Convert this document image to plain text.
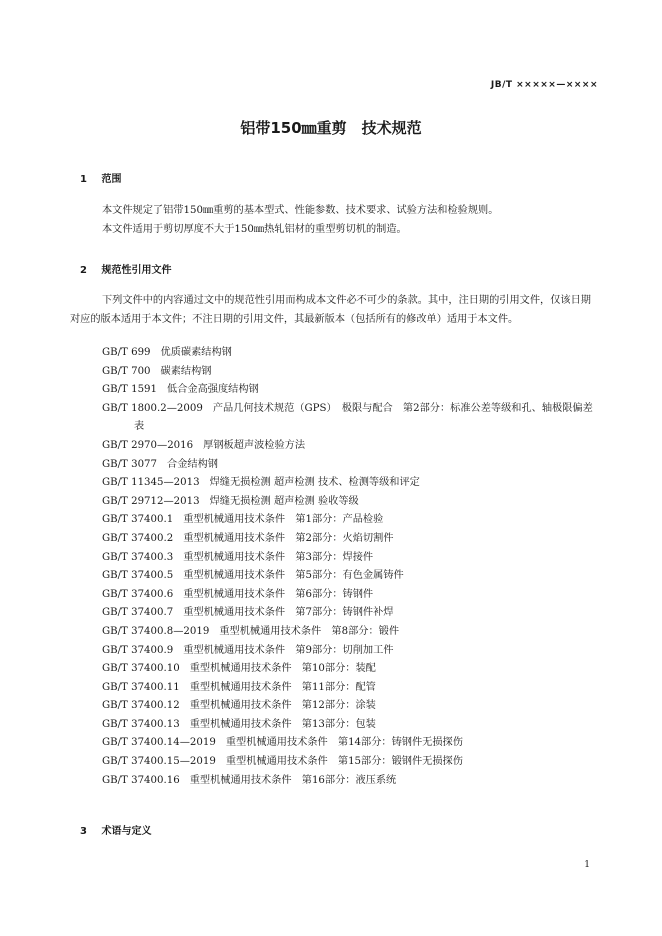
JB/T ×××××—××××
铝带150㎜重剪　技术规范
1 范围

本文件规定了铝带150㎜重剪的基本型式、性能参数、技术要求、试验方法和检验规则。

本文件适用于剪切厚度不大于150㎜热轧铝材的重型剪切机的制造。

2 规范性引用文件

下列文件中的内容通过文中的规范性引用而构成本文件必不可少的条款。其中，注日期的引用文件，仅该日期对应的版本适用于本文件；不注日期的引用文件，其最新版本（包括所有的修改单）适用于本文件。

GB/T 699 优质碳素结构钢
GB/T 700 碳素结构钢
GB/T 1591 低合金高强度结构钢
GB/T 1800.2—2009 产品几何技术规范（GPS）　极限与配合　第2部分：标准公差等级和孔、轴极限偏差表
GB/T 2970—2016 厚钢板超声波检验方法
GB/T 3077 合金结构钢
GB/T 11345—2013 焊缝无损检测 超声检测 技术、检测等级和评定
GB/T 29712—2013 焊缝无损检测 超声检测 验收等级
GB/T 37400.1 重型机械通用技术条件　第1部分：产品检验
GB/T 37400.2 重型机械通用技术条件　第2部分：火焰切割件
GB/T 37400.3 重型机械通用技术条件　第3部分：焊接件
GB/T 37400.5 重型机械通用技术条件　第5部分：有色金属铸件
GB/T 37400.6 重型机械通用技术条件　第6部分：铸钢件
GB/T 37400.7 重型机械通用技术条件　第7部分：铸钢件补焊
GB/T 37400.8—2019 重型机械通用技术条件　第8部分：锻件
GB/T 37400.9 重型机械通用技术条件　第9部分：切削加工件
GB/T 37400.10 重型机械通用技术条件　第10部分：装配
GB/T 37400.11 重型机械通用技术条件　第11部分：配管
GB/T 37400.12 重型机械通用技术条件　第12部分：涂装
GB/T 37400.13 重型机械通用技术条件　第13部分：包装
GB/T 37400.14—2019 重型机械通用技术条件　第14部分：铸钢件无损探伤
GB/T 37400.15—2019 重型机械通用技术条件　第15部分：锻钢件无损探伤
GB/T 37400.16 重型机械通用技术条件　第16部分：液压系统
3 术语与定义
1
